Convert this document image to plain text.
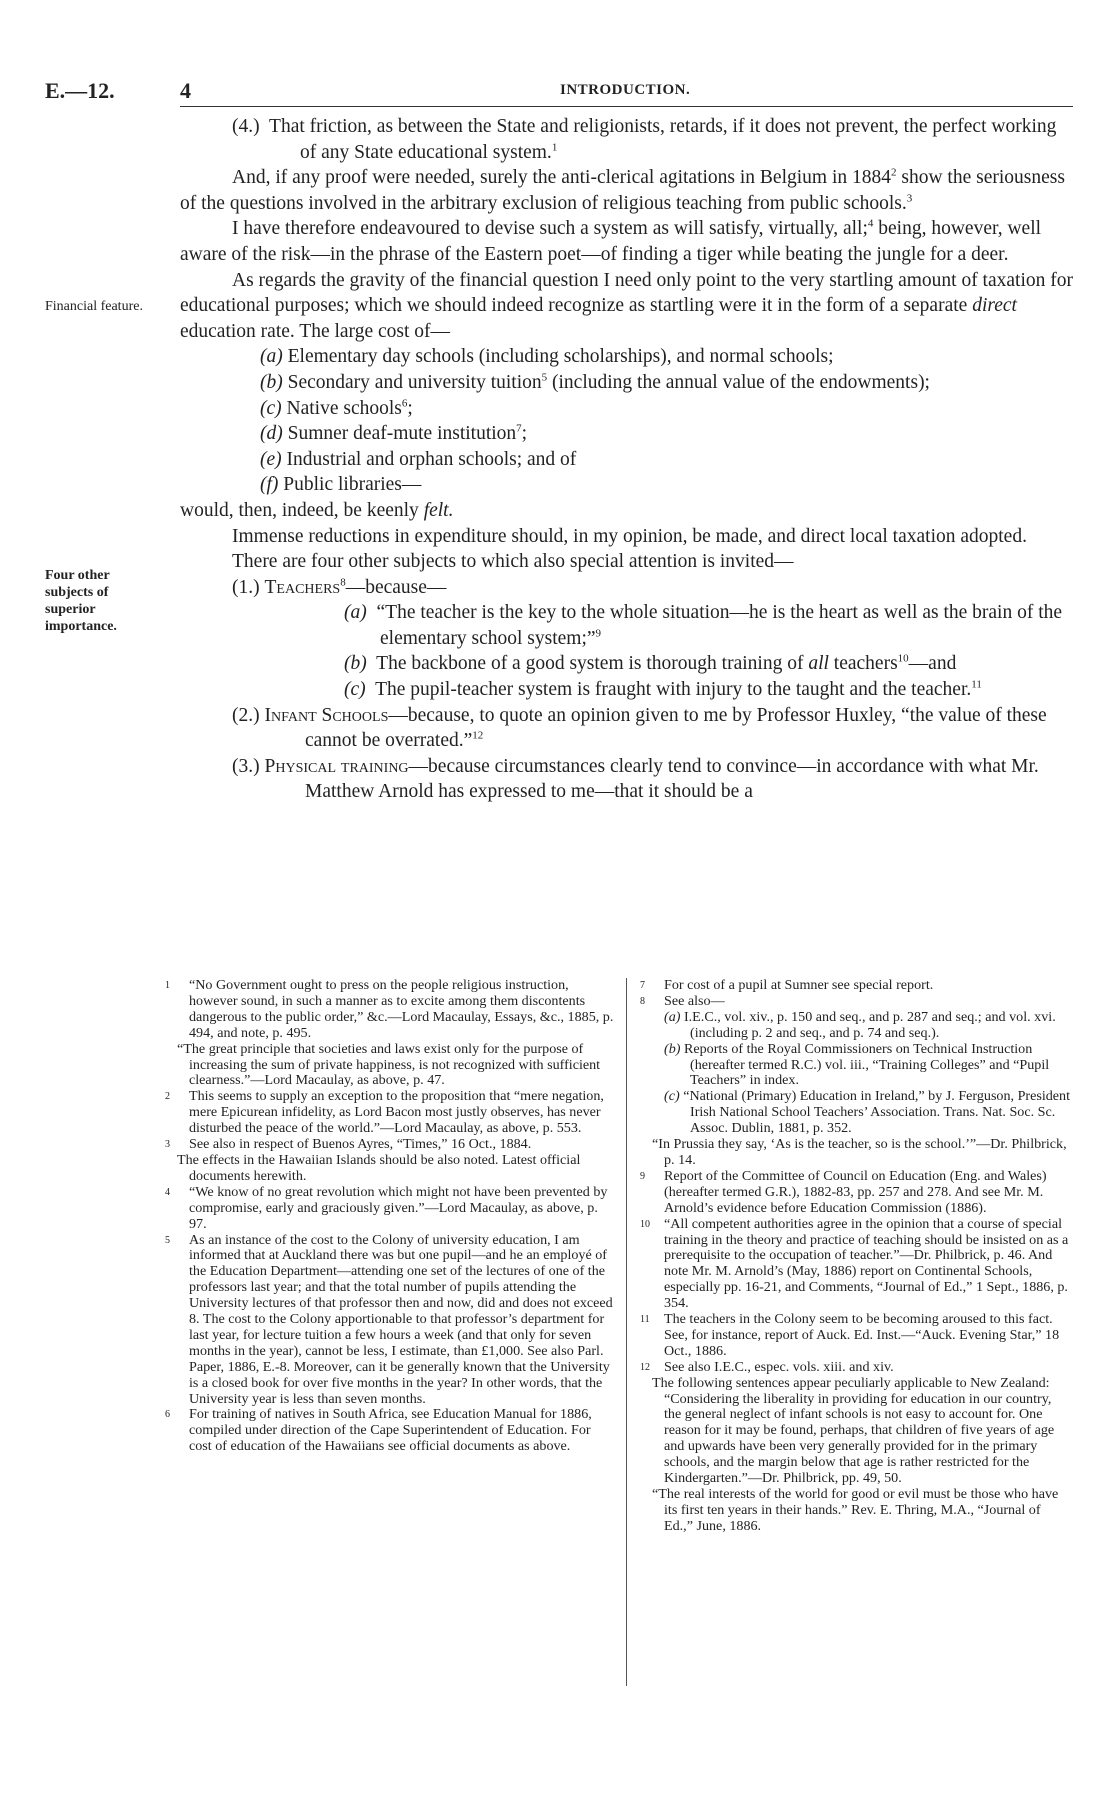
E.—12.	4	INTRODUCTION.
Financial feature.
Four other subjects of superior importance.

(4.) That friction, as between the State and religionists, retards, if it does not prevent, the perfect working of any State educational system.$^1$

And, if any proof were needed, surely the anti-clerical agitations in Belgium in 1884$^2$ show the seriousness of the questions involved in the arbitrary exclusion of religious teaching from public schools.$^3$

I have therefore endeavoured to devise such a system as will satisfy, virtually, all;$^4$ being, however, well aware of the risk—in the phrase of the Eastern poet—of finding a tiger while beating the jungle for a deer.

As regards the gravity of the financial question I need only point to the very startling amount of taxation for educational purposes; which we should indeed recognize as startling were it in the form of a separate direct education rate. The large cost of—

(a) Elementary day schools (including scholarships), and normal schools;

(b) Secondary and university tuition$^5$ (including the annual value of the endowments);

(c) Native schools$^6$;

(d) Sumner deaf-mute institution$^7$;

(e) Industrial and orphan schools; and of

(f) Public libraries—

would, then, indeed, be keenly felt.

Immense reductions in expenditure should, in my opinion, be made, and direct local taxation adopted.

There are four other subjects to which also special attention is invited—

(1.) Teachers$^8$—because—

(a) “The teacher is the key to the whole situation—he is the heart as well as the brain of the elementary school system;”$^9$

(b) The backbone of a good system is thorough training of all teachers$^{10}$—and

(c) The pupil-teacher system is fraught with injury to the taught and the teacher.$^{11}$

(2.) Infant Schools—because, to quote an opinion given to me by Professor Huxley, “the value of these cannot be overrated.”$^{12}$

(3.) Physical training—because circumstances clearly tend to convince—in accordance with what Mr. Matthew Arnold has expressed to me—that it should be a

1 “No Government ought to press on the people religious instruction, however sound, in such a manner as to excite among them discontents dangerous to the public order,” &c.—Lord Macaulay, Essays, &c., 1885, p. 494, and note, p. 495.

“The great principle that societies and laws exist only for the purpose of increasing the sum of private happiness, is not recognized with sufficient clearness.”—Lord Macaulay, as above, p. 47.

2 This seems to supply an exception to the proposition that “mere negation, mere Epicurean infidelity, as Lord Bacon most justly observes, has never disturbed the peace of the world.”—Lord Macaulay, as above, p. 553.

3 See also in respect of Buenos Ayres, “Times,” 16 Oct., 1884.

The effects in the Hawaiian Islands should be also noted. Latest official documents herewith.

4 “We know of no great revolution which might not have been prevented by compromise, early and graciously given.”—Lord Macaulay, as above, p. 97.

5 As an instance of the cost to the Colony of university education, I am informed that at Auckland there was but one pupil—and he an employé of the Education Department—attending one set of the lectures of one of the professors last year; and that the total number of pupils attending the University lectures of that professor then and now, did and does not exceed 8. The cost to the Colony apportionable to that professor’s department for last year, for lecture tuition a few hours a week (and that only for seven months in the year), cannot be less, I estimate, than £1,000. See also Parl. Paper, 1886, E.-8. Moreover, can it be generally known that the University is a closed book for over five months in the year? In other words, that the University year is less than seven months.

6 For training of natives in South Africa, see Education Manual for 1886, compiled under direction of the Cape Superintendent of Education. For cost of education of the Hawaiians see official documents as above.

7 For cost of a pupil at Sumner see special report.

8 See also—

(a) I.E.C., vol. xiv., p. 150 and seq., and p. 287 and seq.; and vol. xvi. (including p. 2 and seq., and p. 74 and seq.).

(b) Reports of the Royal Commissioners on Technical Instruction (hereafter termed R.C.) vol. iii., “Training Colleges” and “Pupil Teachers” in index.

(c) “National (Primary) Education in Ireland,” by J. Ferguson, President Irish National School Teachers’ Association. Trans. Nat. Soc. Sc. Assoc. Dublin, 1881, p. 352.

“In Prussia they say, ‘As is the teacher, so is the school.’”—Dr. Philbrick, p. 14.

9 Report of the Committee of Council on Education (Eng. and Wales) (hereafter termed G.R.), 1882-83, pp. 257 and 278. And see Mr. M. Arnold’s evidence before Education Commission (1886).

10 “All competent authorities agree in the opinion that a course of special training in the theory and practice of teaching should be insisted on as a prerequisite to the occupation of teacher.”—Dr. Philbrick, p. 46. And note Mr. M. Arnold’s (May, 1886) report on Continental Schools, especially pp. 16-21, and Comments, “Journal of Ed.,” 1 Sept., 1886, p. 354.

11 The teachers in the Colony seem to be becoming aroused to this fact. See, for instance, report of Auck. Ed. Inst.—“Auck. Evening Star,” 18 Oct., 1886.

12 See also I.E.C., espec. vols. xiii. and xiv.

The following sentences appear peculiarly applicable to New Zealand: “Considering the liberality in providing for education in our country, the general neglect of infant schools is not easy to account for. One reason for it may be found, perhaps, that children of five years of age and upwards have been very generally provided for in the primary schools, and the margin below that age is rather restricted for the Kindergarten.”—Dr. Philbrick, pp. 49, 50.

“The real interests of the world for good or evil must be those who have its first ten years in their hands.” Rev. E. Thring, M.A., “Journal of Ed.,” June, 1886.
